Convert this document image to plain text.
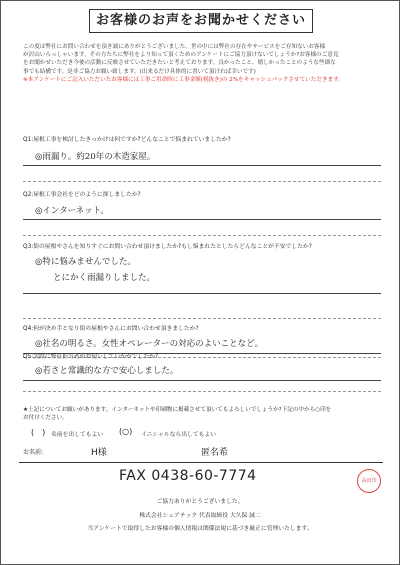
お客様のお声をお聞かせください
この度は弊社にお問い合わせを頂き誠にありがとうございました。世の中には弊社の存在やサービスをご存知ないお客様
が沢山いらっしゃいます。その方たちに弊社をより知って頂くためのアンケートにご協力頂けないでしょうか?お客様のご意見
をお聞かせいただき今後の活動に反映させていただきたいと考えております。良かったこと、嬉しかったことのような些細な
事でも結構です。是非ご協力お願い致します。(出来るだけ具体的に書いて頂ければ幸いです)
※本アンケートにご記入いただいたお客様には工事ご用命時に工事金額(税抜き)の 2%をキャッシュバックさせていただきます。
Q1:屋根工事を検討したきっかけは何ですか?どんなことで悩まれていましたか?
◎雨漏り。約20年の木造家屋。
Q2:屋根工事会社をどのように探しましたか?
◎インターネット。
Q3:街の屋根やさんを知りすぐにお問い合わせ頂けましたか?もし悩まれたとしたらどんなことが不安でしたか?
◎特に悩みませんでした。
とにかく雨漏りしました。
Q4:何が決め手となり街の屋根やさんにお問い合わせ頂きましたか?
◎社名の明るさ。女性オペレーターの対応のよいことなど。
Q5:実際に弊社担当者がお伺いしていかがでしたか?
◎若さと常識的な方で安心しました。
★上記についてお願いがあります。インターネットや印刷物に掲載させて頂いてもよろしいでしょうか?下記の中から○印を
お付けください。
(　) 名前を出してもよい (○) イニシャルなら出してもよい
お名前:	H様	匿名希
FAX 0438-60-7774	高田印
ご協力ありがとうございました。
株式会社シェアテック 代表取締役 大久保 誠二
当アンケートで取得したお客様の個人情報は関係法規に基づき厳正に管理いたします。
